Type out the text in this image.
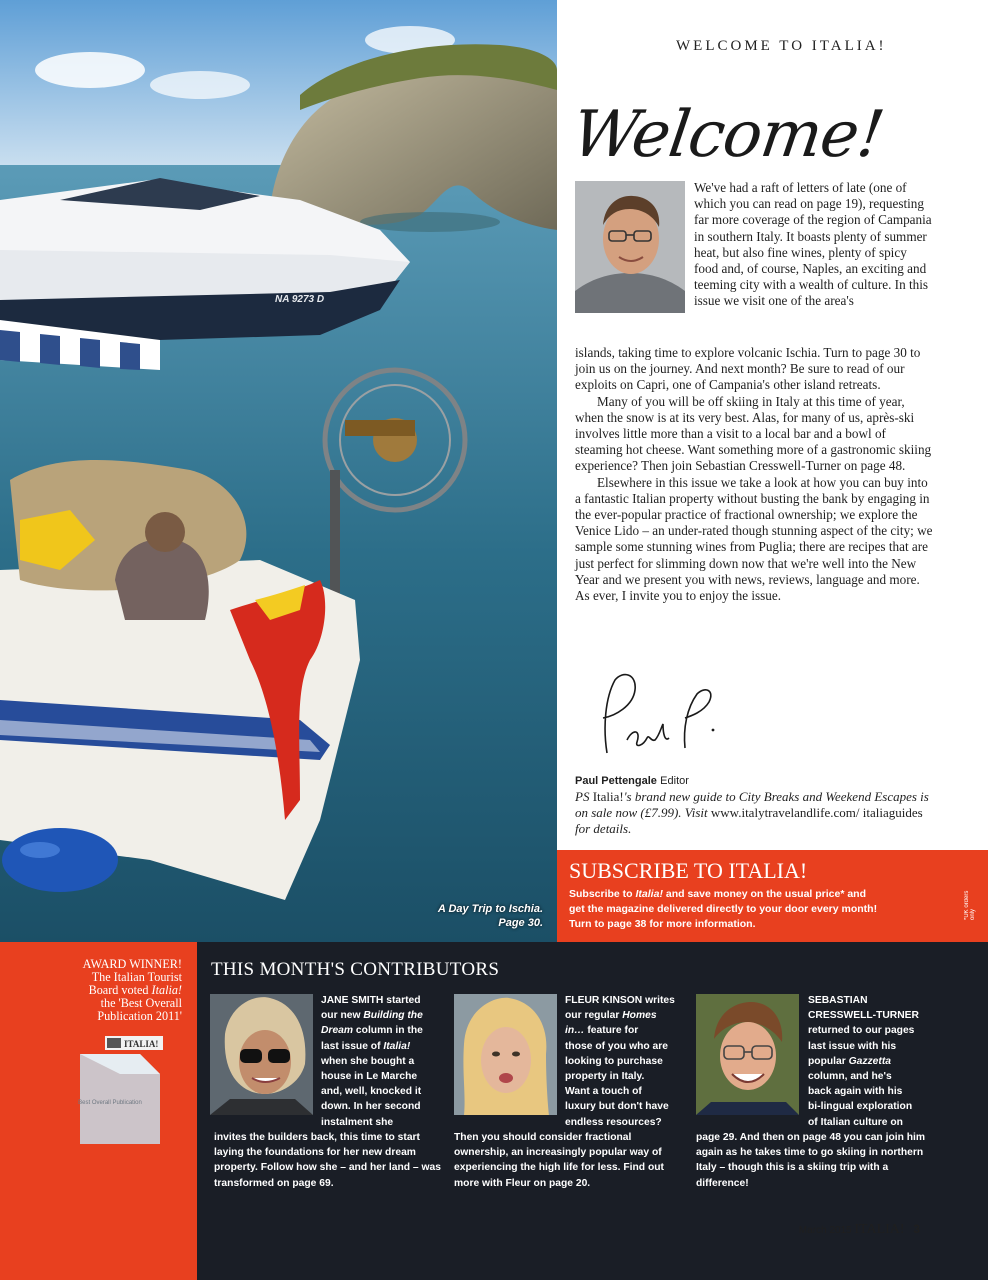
NA 9273 D
A Day Trip to Ischia.
Page 30.
WELCOME TO ITALIA!
Welcome!
We've had a raft of letters of late (one of which you can read on page 19), requesting far more coverage of the region of Campania in southern Italy. It boasts plenty of summer heat, but also fine wines, plenty of spicy food and, of course, Naples, an exciting and teeming city with a wealth of culture. In this issue we visit one of the area's

islands, taking time to explore volcanic Ischia. Turn to page 30 to join us on the journey. And next month? Be sure to read of our exploits on Capri, one of Campania's other island retreats.

Many of you will be off skiing in Italy at this time of year, when the snow is at its very best. Alas, for many of us, après-ski involves little more than a visit to a local bar and a bowl of steaming hot cheese. Want something more of a gastronomic skiing experience? Then join Sebastian Cresswell-Turner on page 48.

Elsewhere in this issue we take a look at how you can buy into a fantastic Italian property without busting the bank by engaging in the ever-popular practice of fractional ownership; we explore the Venice Lido – an under-rated though stunning aspect of the city; we sample some stunning wines from Puglia; there are recipes that are just perfect for slimming down now that we're well into the New Year and we present you with news, reviews, language and more. As ever, I invite you to enjoy the issue.

Paul Pettengale Editor
PS Italia!'s brand new guide to City Breaks and Weekend Escapes is on sale now (£7.99). Visit www.italytravelandlife.com/ italiaguides for details.
SUBSCRIBE TO ITALIA!
Subscribe to Italia! and save money on the usual price* and
get the magazine delivered directly to your door every month!
Turn to page 38 for more information.
*UK orders only
AWARD WINNER!
The Italian Tourist
Board voted Italia!
the 'Best Overall
Publication 2011'
ITALIA!
Best Overall Publication
THIS MONTH'S CONTRIBUTORS
JANE SMITH started
our new Building the
Dream column in the
last issue of Italia!
when she bought a
house in Le Marche
and, well, knocked it
down. In her second
instalment she
invites the builders back, this time to start laying the foundations for her new dream property. Follow how she – and her land – was transformed on page 69.
FLEUR KINSON writes
our regular Homes
in… feature for
those of you who are
looking to purchase
property in Italy.
Want a touch of
luxury but don't have
endless resources?
Then you should consider fractional ownership, an increasingly popular way of experiencing the high life for less. Find out more with Fleur on page 20.
SEBASTIAN
CRESSWELL-TURNER
returned to our pages
last issue with his
popular Gazzetta
column, and he's
back again with his
bi-lingual exploration
of Italian culture on
page 29. And then on page 48 you can join him again as he takes time to go skiing in northern Italy – though this is a skiing trip with a difference!
March 2015 ITALIA! 3
